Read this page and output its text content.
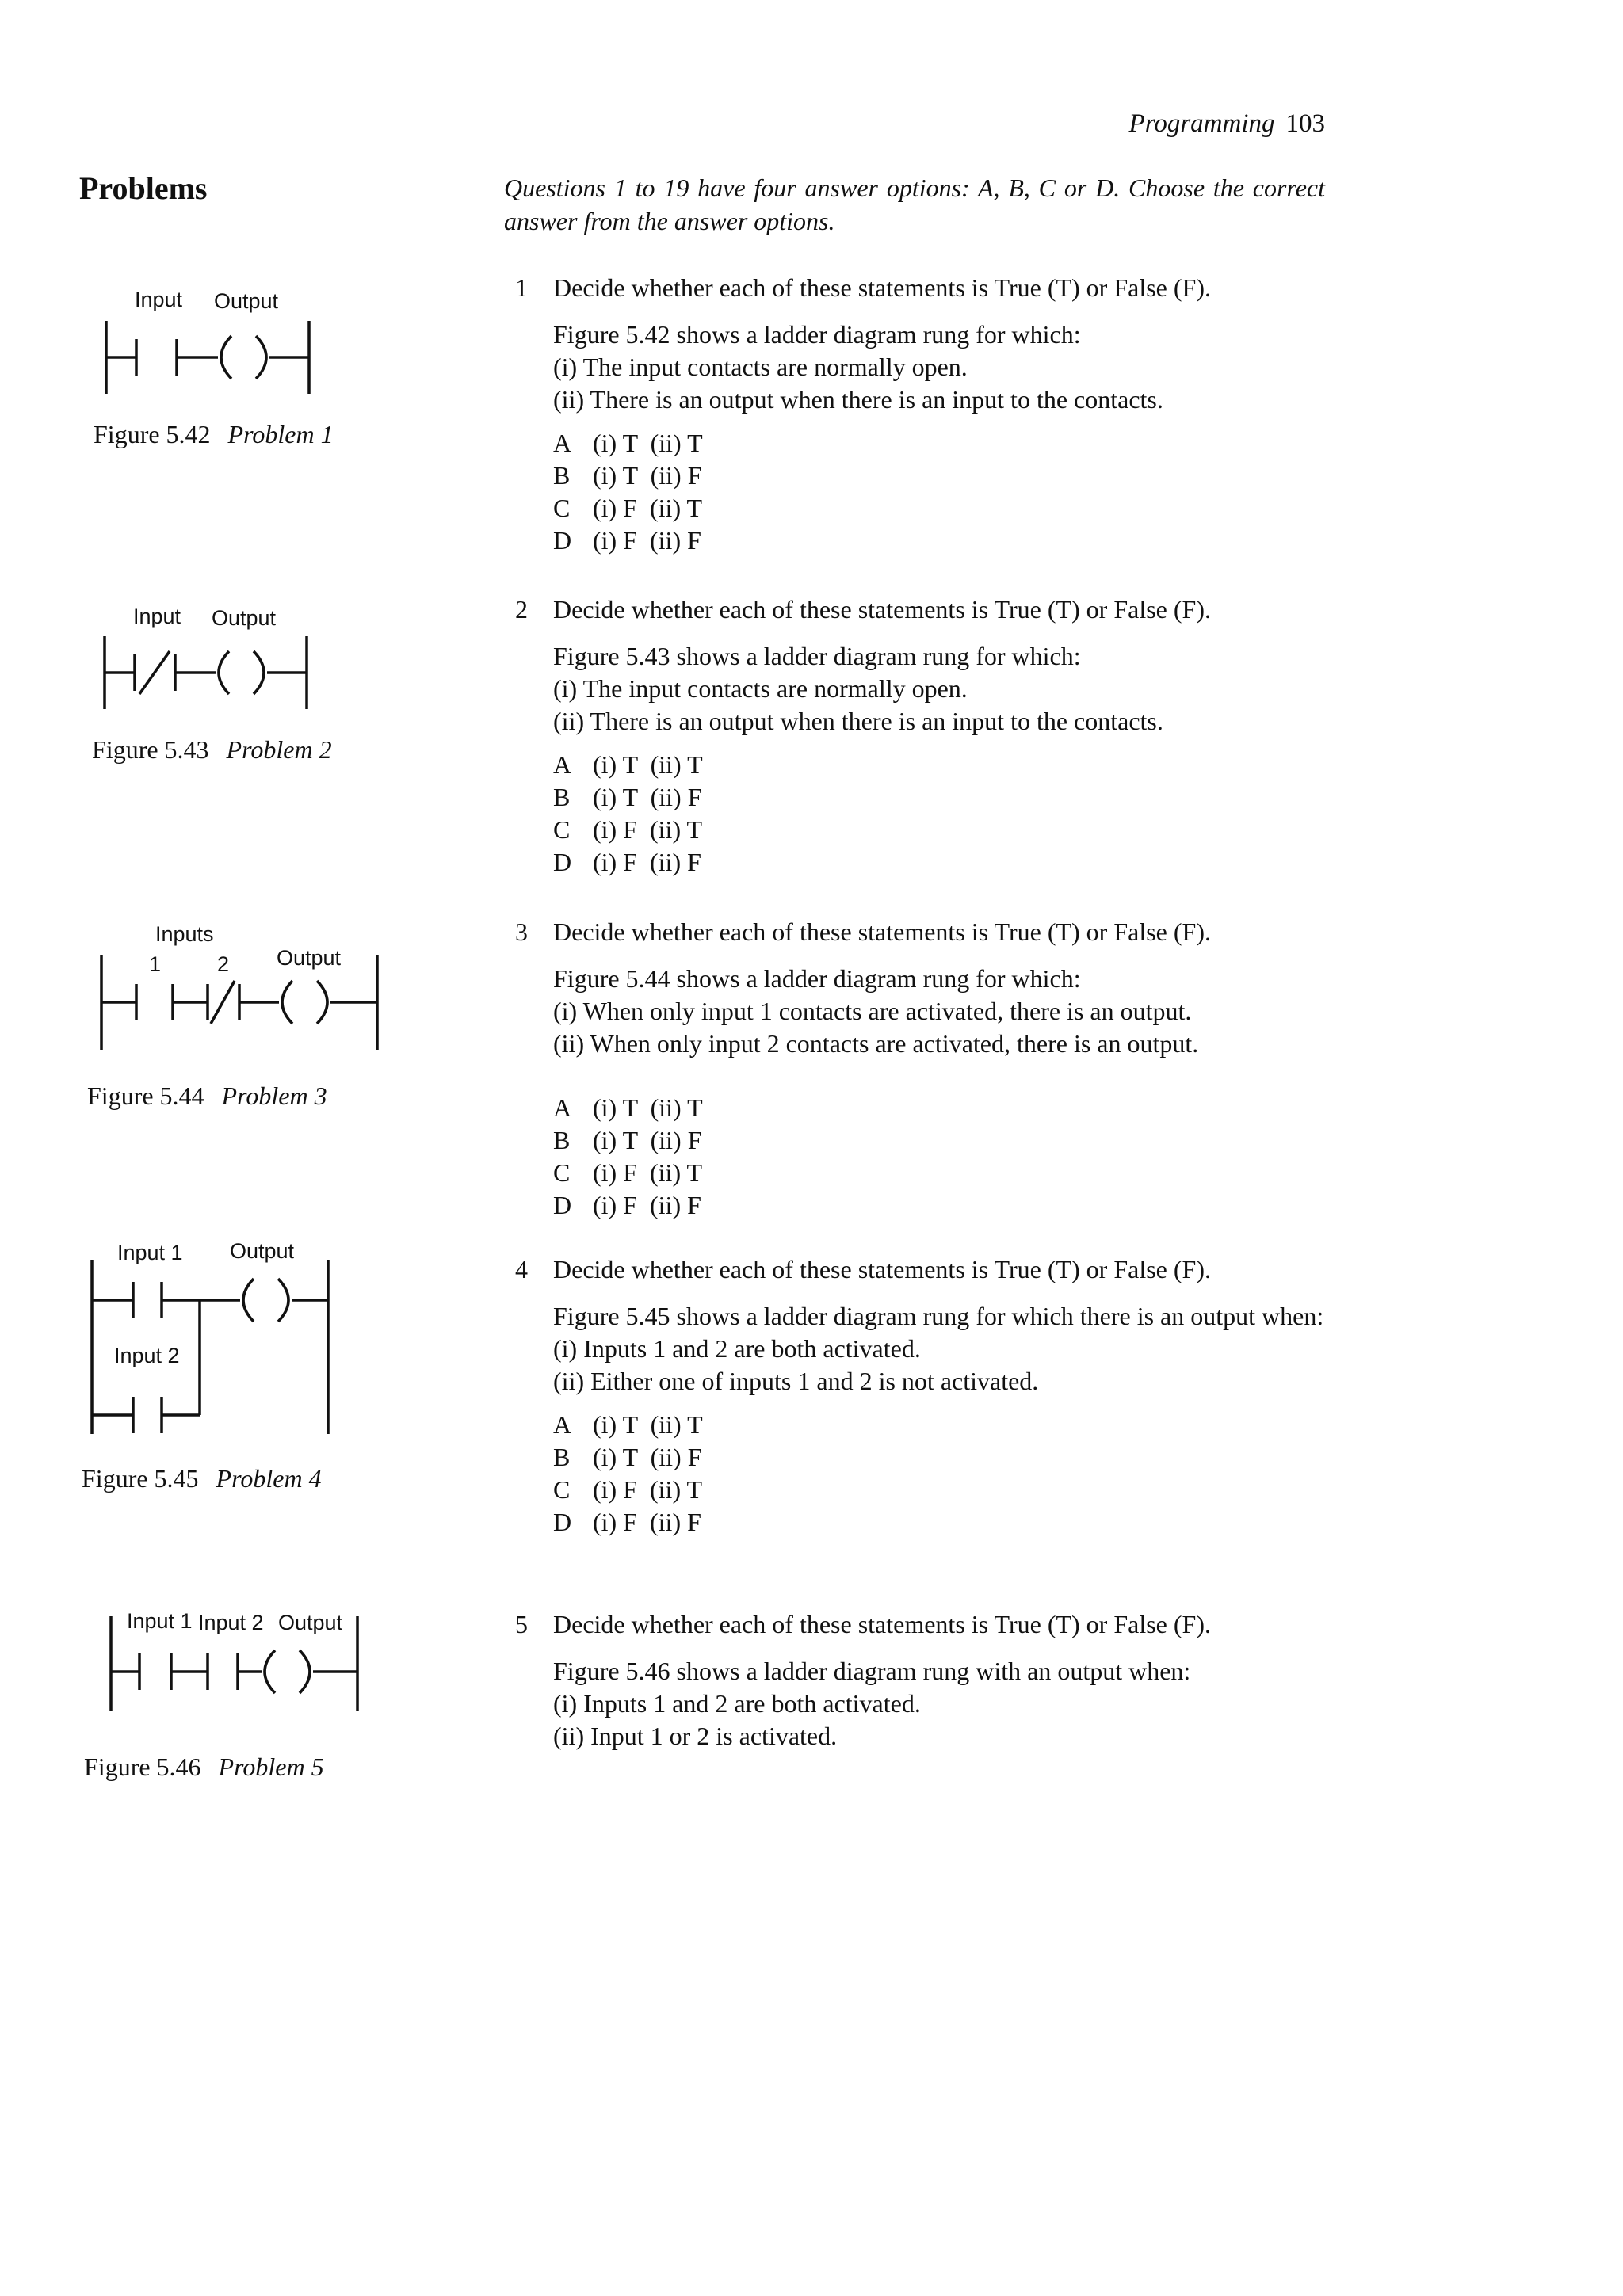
Programming 103
Problems	Questions 1 to 19 have four answer options: A, B, C or D. Choose the correct answer from the answer options.
1	Decide whether each of these statements is True (T) or False (F).

Figure 5.42 shows a ladder diagram rung for which:
(i) The input contacts are normally open.
(ii) There is an output when there is an input to the contacts.

A (i) T  (ii) T
B (i) T  (ii) F
C (i) F  (ii) T
D (i) F  (ii) F
2	Decide whether each of these statements is True (T) or False (F).

Figure 5.43 shows a ladder diagram rung for which:
(i) The input contacts are normally open.
(ii) There is an output when there is an input to the contacts.

A (i) T  (ii) T
B (i) T  (ii) F
C (i) F  (ii) T
D (i) F  (ii) F
3	Decide whether each of these statements is True (T) or False (F).

Figure 5.44 shows a ladder diagram rung for which:
(i) When only input 1 contacts are activated, there is an output.
(ii) When only input 2 contacts are activated, there is an output.

A (i) T  (ii) T
B (i) T  (ii) F
C (i) F  (ii) T
D (i) F  (ii) F
4	Decide whether each of these statements is True (T) or False (F).

Figure 5.45 shows a ladder diagram rung for which there is an output when:
(i) Inputs 1 and 2 are both activated.
(ii) Either one of inputs 1 and 2 is not activated.

A (i) T  (ii) T
B (i) T  (ii) F
C (i) F  (ii) T
D (i) F  (ii) F
5	Decide whether each of these statements is True (T) or False (F).

Figure 5.46 shows a ladder diagram rung with an output when:
(i) Inputs 1 and 2 are both activated.
(ii) Input 1 or 2 is activated.

Input Output
Figure 5.42 Problem 1
Input Output
Figure 5.43 Problem 2
Inputs
1	2 Output
Figure 5.44 Problem 3
Input 1 Output
Input 2
Figure 5.45 Problem 4
Input 1 Input 2 Output
Figure 5.46 Problem 5
